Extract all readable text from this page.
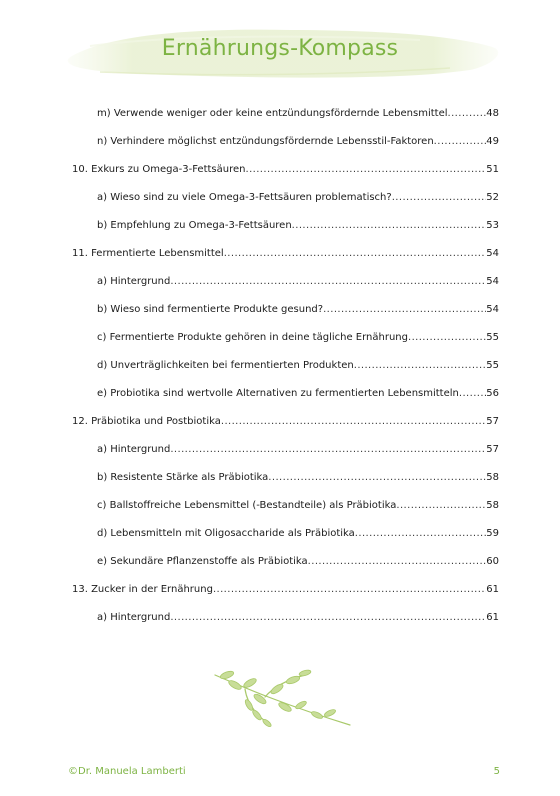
Ernährungs-Kompass
m) Verwende weniger oder keine entzündungsfördernde Lebensmittel .....	48
n) Verhindere möglichst entzündungsfördernde Lebensstil-Faktoren .....	49
10. Exkurs zu Omega-3-Fettsäuren .....	51
a) Wieso sind zu viele Omega-3-Fettsäuren problematisch? .....	52
b) Empfehlung zu Omega-3-Fettsäuren .....	53
11. Fermentierte Lebensmittel .....	54
a) Hintergrund .....	54
b) Wieso sind fermentierte Produkte gesund? .....	54
c) Fermentierte Produkte gehören in deine tägliche Ernährung .....	55
d) Unverträglichkeiten bei fermentierten Produkten .....	55
e) Probiotika sind wertvolle Alternativen zu fermentierten Lebensmitteln .....	56
12. Präbiotika und Postbiotika .....	57
a) Hintergrund .....	57
b) Resistente Stärke als Präbiotika .....	58
c) Ballstoffreiche Lebensmittel (-Bestandteile) als Präbiotika .....	58
d) Lebensmitteln mit Oligosaccharide als Präbiotika .....	59
e) Sekundäre Pflanzenstoffe als Präbiotika .....	60
13. Zucker in der Ernährung .....	61
a) Hintergrund .....	61
©Dr. Manuela Lamberti	5
